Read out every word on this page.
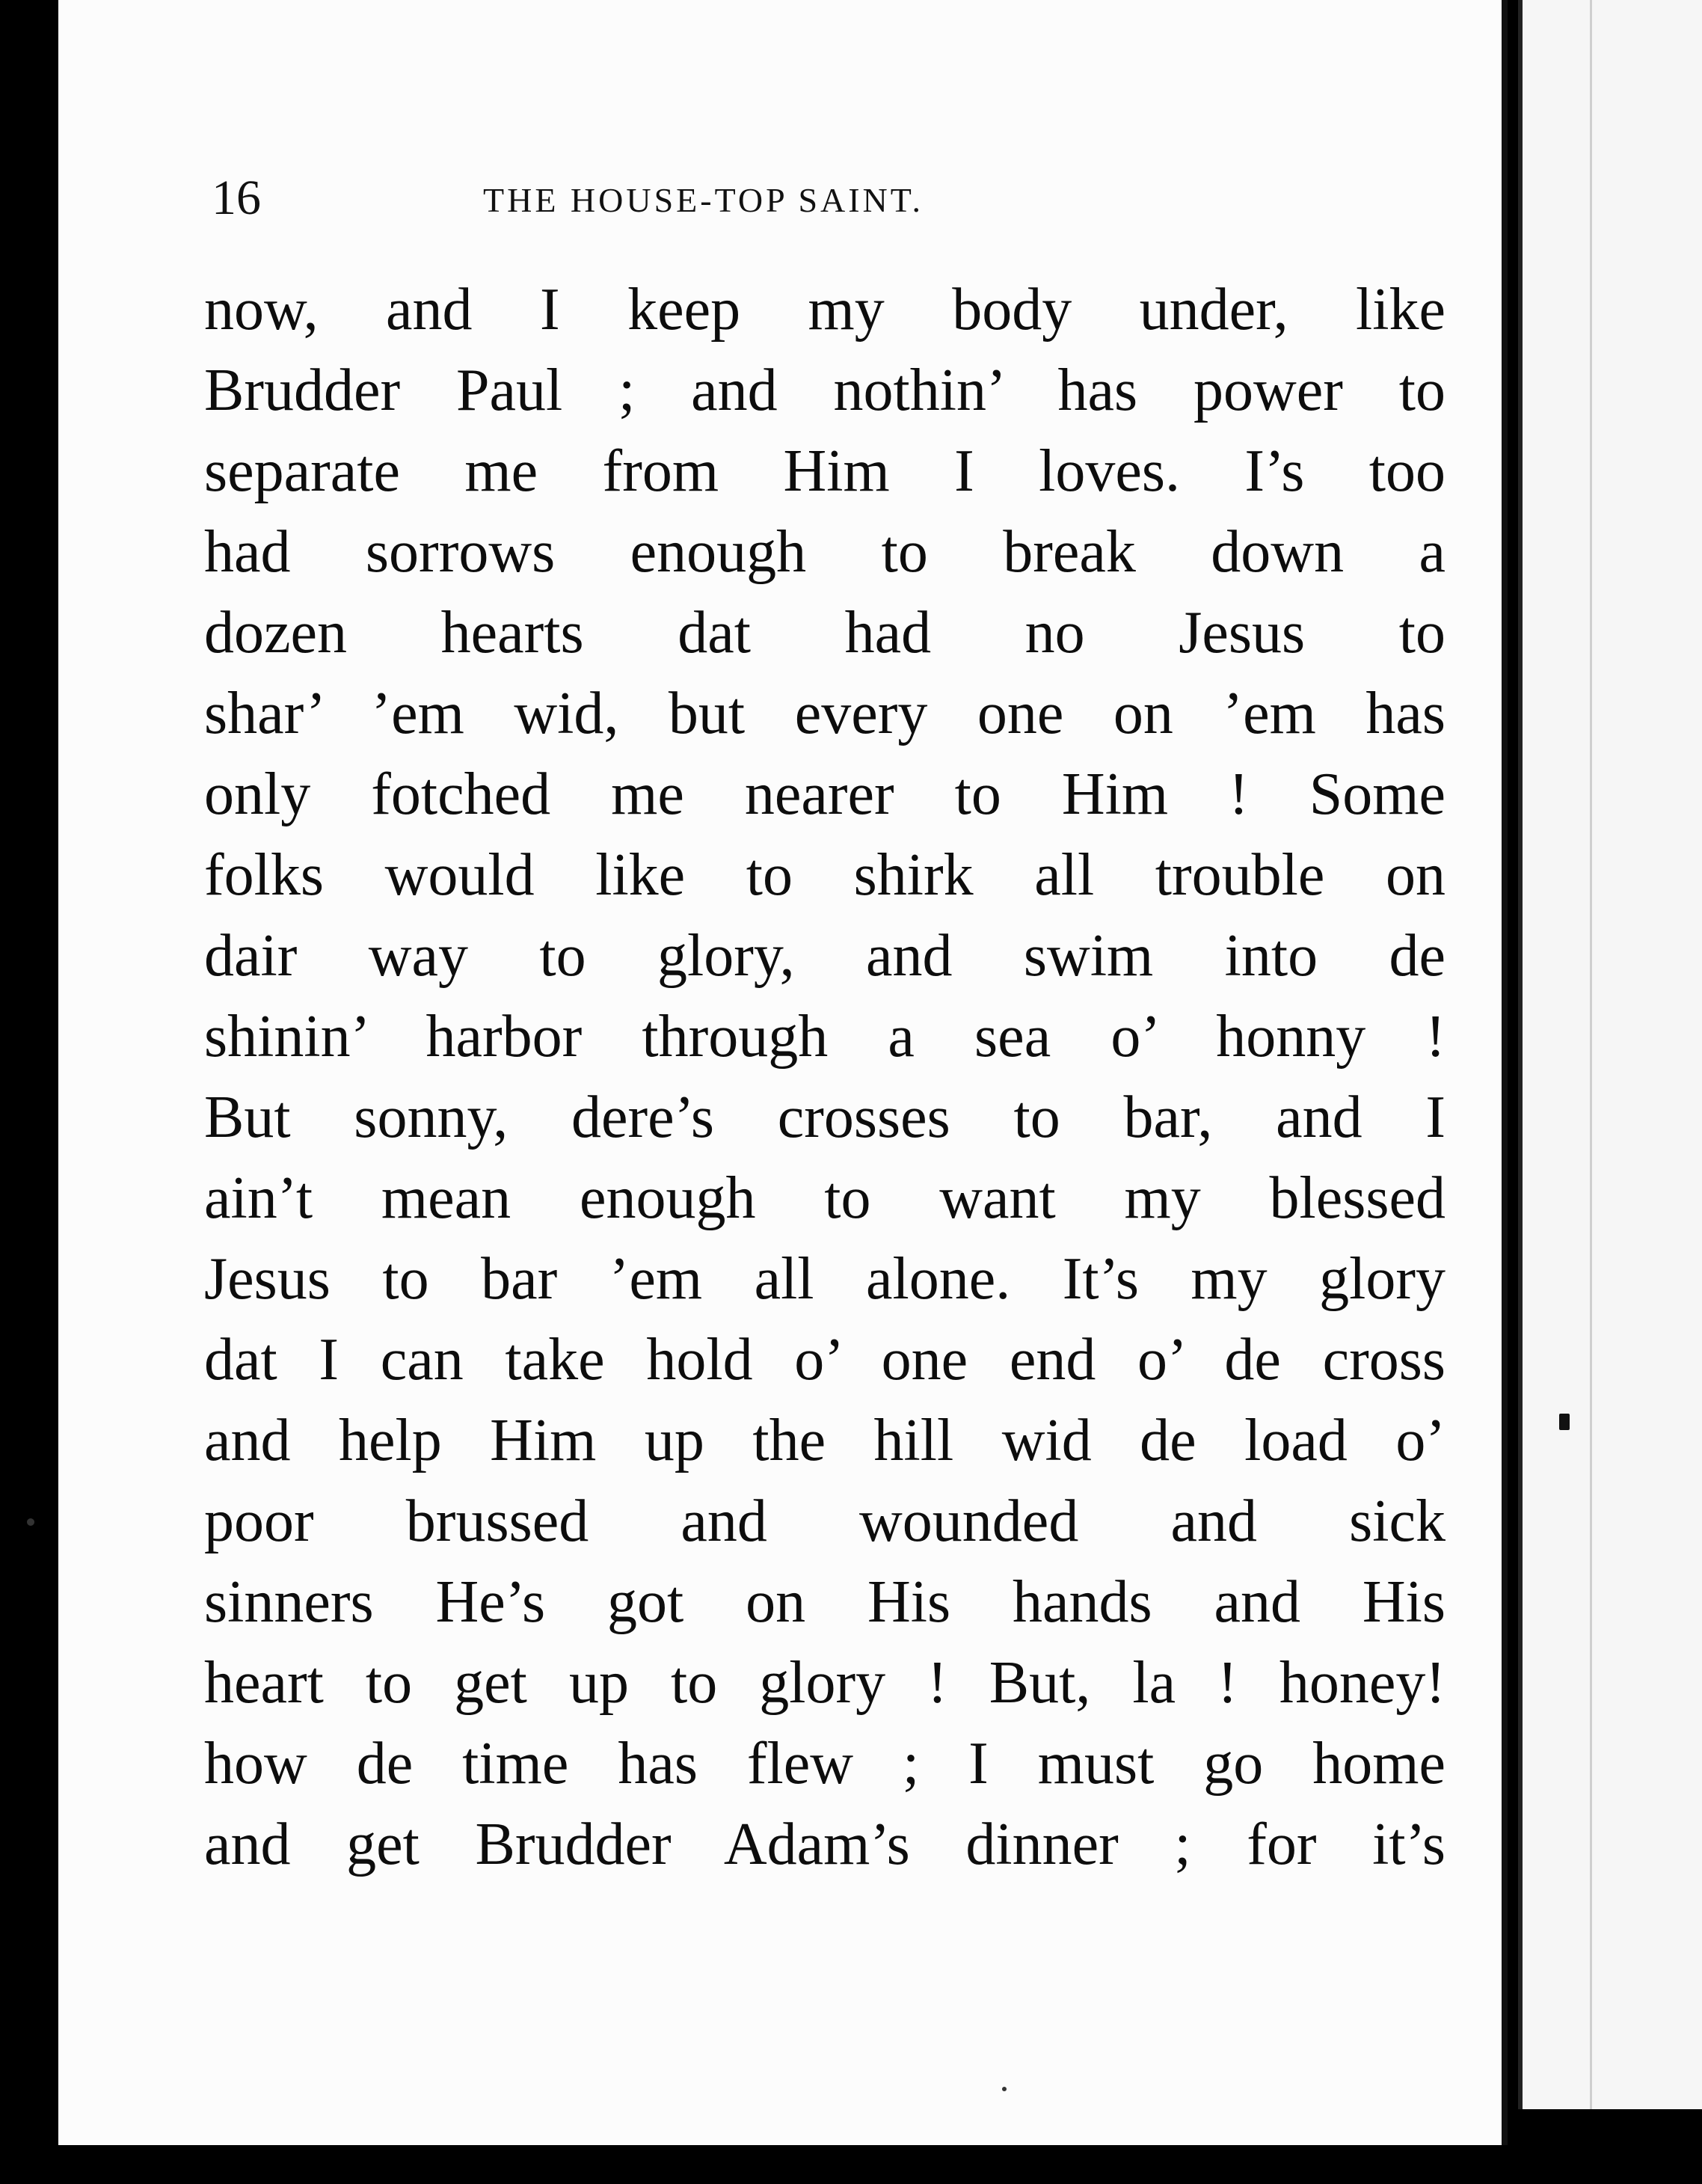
16	THE HOUSE-TOP SAINT.
now, and I keep my body under, like
Brudder Paul ; and nothin’ has power to
separate me from Him I loves. I’s too
had sorrows enough to break down a
dozen hearts dat had no Jesus to
shar’ ’em wid, but every one on ’em has
only fotched me nearer to Him ! Some
folks would like to shirk all trouble on
dair way to glory, and swim into de
shinin’ harbor through a sea o’ honny !
But sonny, dere’s crosses to bar, and I
ain’t mean enough to want my blessed
Jesus to bar ’em all alone. It’s my glory
dat I can take hold o’ one end o’ de cross
and help Him up the hill wid de load o’
poor brussed and wounded and sick
sinners He’s got on His hands and His
heart to get up to glory ! But, la ! honey!
how de time has flew ; I must go home
and get Brudder Adam’s dinner ; for it’s
